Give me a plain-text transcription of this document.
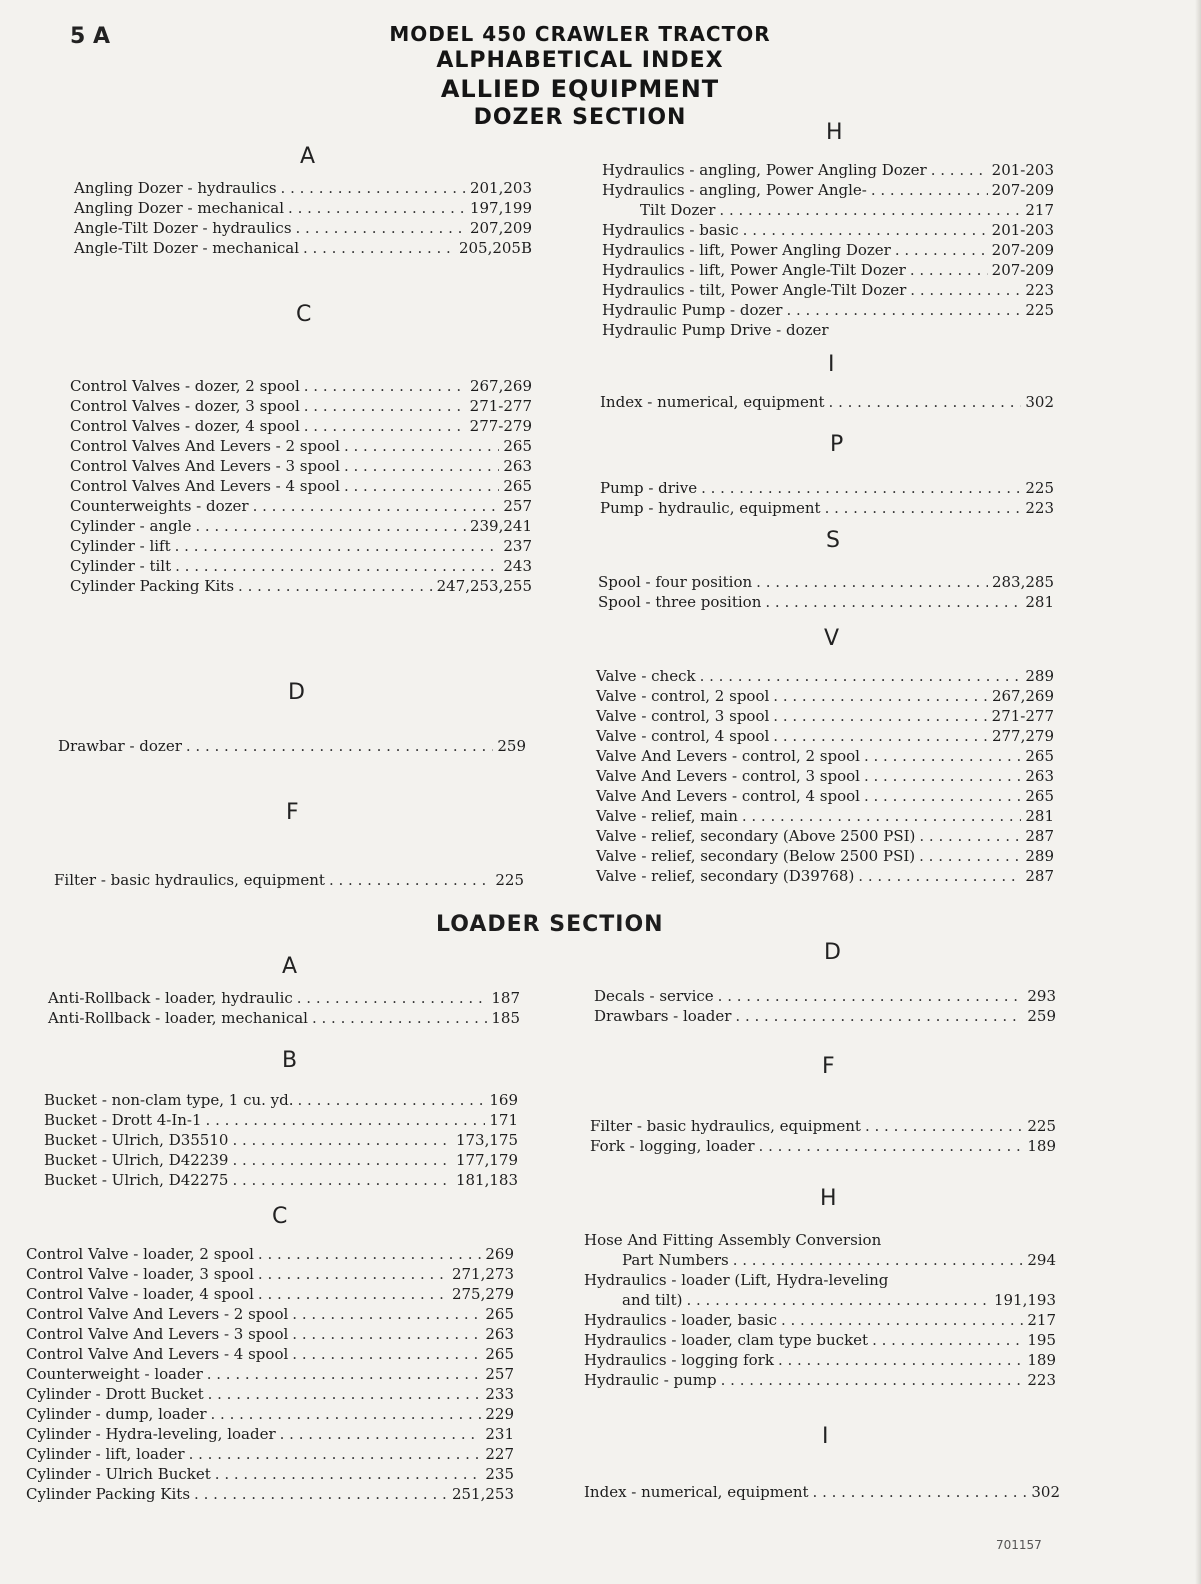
5 A	MODEL 450 CRAWLER TRACTOR
ALPHABETICAL INDEX
ALLIED EQUIPMENT
DOZER SECTION
A
Angling Dozer - hydraulics . . .	201,203
Angling Dozer - mechanical . . .	197,199
Angle-Tilt Dozer - hydraulics . . .	207,209
Angle-Tilt Dozer - mechanical . . .	205,205B
C
Control Valves - dozer, 2 spool . . .	267,269
Control Valves - dozer, 3 spool . . .	271-277
Control Valves - dozer, 4 spool . . .	277-279
Control Valves And Levers - 2 spool . . .	265
Control Valves And Levers - 3 spool . . .	263
Control Valves And Levers - 4 spool . . .	265
Counterweights - dozer . . .	257
Cylinder - angle . . .	239,241
Cylinder - lift . . .	237
Cylinder - tilt . . .	243
Cylinder Packing Kits . . .	247,253,255
D
Drawbar - dozer . . .	259
F
Filter - basic hydraulics, equipment . . .	225
H
Hydraulics - angling, Power Angling Dozer . . .	201-203
Hydraulics - angling, Power Angle- . . .	207-209
Tilt Dozer . . .	217
Hydraulics - basic . . .	201-203
Hydraulics - lift, Power Angling Dozer . . .	207-209
Hydraulics - lift, Power Angle-Tilt Dozer . . .	207-209
Hydraulics - tilt, Power Angle-Tilt Dozer . . .	223
Hydraulic Pump - dozer . . .	225
Hydraulic Pump Drive - dozer
I
Index - numerical, equipment . . .	302
P
Pump - drive . . .	225
Pump - hydraulic, equipment . . .	223
S
Spool - four position . . .	283,285
Spool - three position . . .	281
V
Valve - check . . .	289
Valve - control, 2 spool . . .	267,269
Valve - control, 3 spool . . .	271-277
Valve - control, 4 spool . . .	277,279
Valve And Levers - control, 2 spool . . .	265
Valve And Levers - control, 3 spool . . .	263
Valve And Levers - control, 4 spool . . .	265
Valve - relief, main . . .	281
Valve - relief, secondary (Above 2500 PSI) . . .	287
Valve - relief, secondary (Below 2500 PSI) . . .	289
Valve - relief, secondary (D39768) . . .	287
LOADER SECTION
A
Anti-Rollback - loader, hydraulic . . .	187
Anti-Rollback - loader, mechanical . . .	185
B
Bucket - non-clam type, 1 cu. yd. . . .	169
Bucket - Drott 4-In-1 . . .	171
Bucket - Ulrich, D35510 . . .	173,175
Bucket - Ulrich, D42239 . . .	177,179
Bucket - Ulrich, D42275 . . .	181,183
C
Control Valve - loader, 2 spool . . .	269
Control Valve - loader, 3 spool . . .	271,273
Control Valve - loader, 4 spool . . .	275,279
Control Valve And Levers - 2 spool . . .	265
Control Valve And Levers - 3 spool . . .	263
Control Valve And Levers - 4 spool . . .	265
Counterweight - loader . . .	257
Cylinder - Drott Bucket . . .	233
Cylinder - dump, loader . . .	229
Cylinder - Hydra-leveling, loader . . .	231
Cylinder - lift, loader . . .	227
Cylinder - Ulrich Bucket . . .	235
Cylinder Packing Kits . . .	251,253
D
Decals - service . . .	293
Drawbars - loader . . .	259
F
Filter - basic hydraulics, equipment . . .	225
Fork - logging, loader . . .	189
H
Hose And Fitting Assembly Conversion
Part Numbers . . .	294
Hydraulics - loader (Lift, Hydra-leveling
and tilt) . . .	191,193
Hydraulics - loader, basic . . .	217
Hydraulics - loader, clam type bucket . . .	195
Hydraulics - logging fork . . .	189
Hydraulic - pump . . .	223
I
Index - numerical, equipment . . .	302
701157
